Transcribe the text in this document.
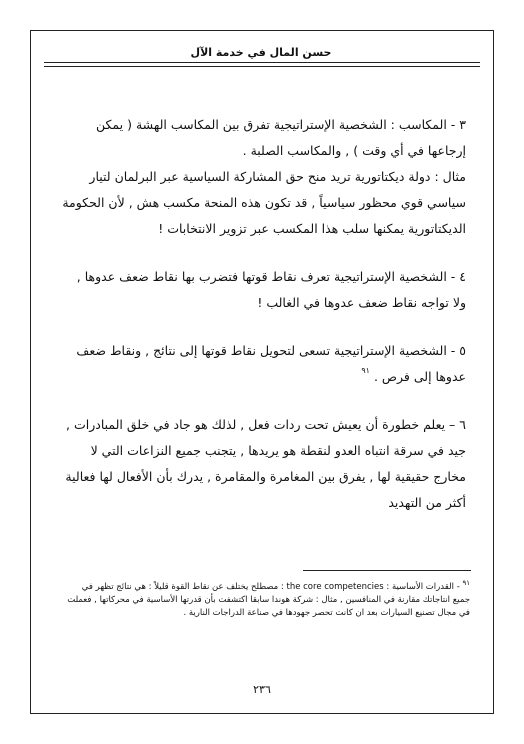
حسن المال في خدمة الآل

٣ - المكاسب : الشخصية الإستراتيجية تفرق بين المكاسب الهشة ( يمكن إرجاعها في أي وقت ) , والمكاسب الصلبة .

مثال : دولة ديكتاتورية تريد منح حق المشاركة السياسية عبر البرلمان لتيار سياسي قوي محظور سياسياً , قد تكون هذه المنحة مكسب هش , لأن الحكومة الديكتاتورية يمكنها سلب هذا المكسب عبر تزوير الانتخابات !

٤ - الشخصية الإستراتيجية تعرف نقاط قوتها فتضرب بها نقاط ضعف عدوها , ولا تواجه نقاط ضعف عدوها في الغالب !

٥ - الشخصية الإستراتيجية تسعى لتحويل نقاط قوتها إلى نتائج , ونقاط ضعف عدوها إلى فرص . $^{٩١}$

٦ – يعلم خطورة أن يعيش تحت ردات فعل , لذلك هو جاد في خلق المبادرات , جيد في سرقة انتباه العدو لنقطة هو يريدها , يتجنب جميع النزاعات التي لا مخارج حقيقية لها , يفرق بين المغامرة والمقامرة , يدرك بأن الأفعال لها فعالية أكثر من التهديد

$^{٩١}$ - القدرات الأساسية : the core competencies : مصطلح يختلف عن نقاط القوة قليلاً : هي نتائج تظهر في جميع انتاجاتك مقارنة في المنافسين , مثال : شركة هوندا سابقا اكتشفت بأن قدرتها الأساسية في محركاتها , فعملت في مجال تصنيع السيارات بعد ان كانت تحصر جهودها في صناعة الدراجات النارية .
٢٣٦
